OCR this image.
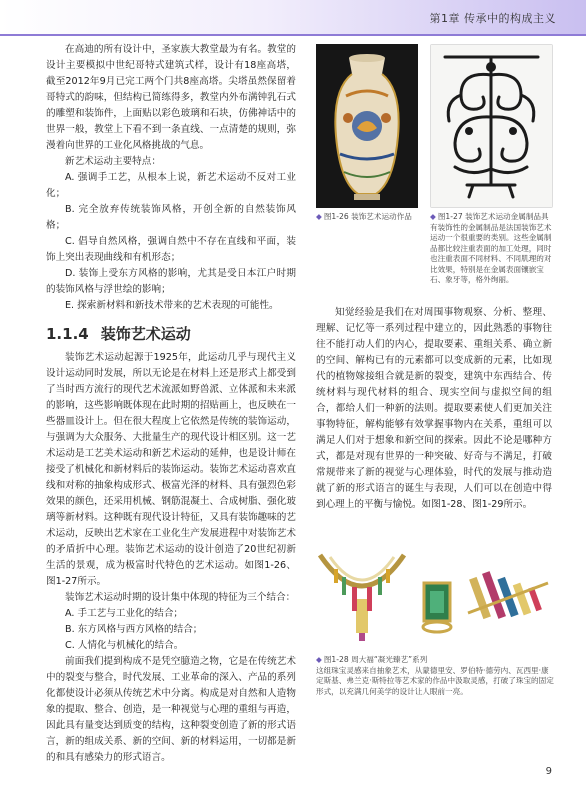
第1章 传承中的构成主义

在高迪的所有设计中，圣家族大教堂最为有名。教堂的设计主要模拟中世纪哥特式建筑式样，设计有18座高塔，截至2012年9月已完工两个门共8座高塔。尖塔虽然保留着哥特式的韵味，但结构已简练得多，教堂内外布满钟乳石式的雕塑和装饰件，上面贴以彩色玻璃和石块，仿佛神话中的世界一般，教堂上下看不到一条直线、一点清楚的规则，弥漫着向世界的工业化风格挑战的气息。

新艺术运动主要特点：

A. 强调手工艺，从根本上说，新艺术运动不反对工业化；

B. 完全放弃传统装饰风格，开创全新的自然装饰风格；

C. 倡导自然风格，强调自然中不存在直线和平面，装饰上突出表现曲线和有机形态；

D. 装饰上受东方风格的影响，尤其是受日本江户时期的装饰风格与浮世绘的影响；

E. 探索新材料和新技术带来的艺术表现的可能性。

1.1.4 装饰艺术运动

装饰艺术运动起源于1925年，此运动几乎与现代主义设计运动同时发展，所以无论是在材料上还是形式上都受到了当时西方流行的现代艺术流派如野兽派、立体派和未来派的影响，这些影响既体现在此时期的招贴画上，也反映在一些器皿设计上。但在很大程度上它依然是传统的装饰运动，与强调为大众服务、大批量生产的现代设计相区别。这一艺术运动是工艺美术运动和新艺术运动的延伸，也是设计师在接受了机械化和新材料后的装饰运动。装饰艺术运动喜欢直线和对称的抽象构成形式、极富光泽的材料、具有强烈色彩效果的颜色，还采用机械、钢筋混凝土、合成树脂、强化玻璃等新材料。这种既有现代设计特征，又具有装饰趣味的艺术运动，反映出艺术家在工业化生产发展进程中对装饰艺术的矛盾折中心理。装饰艺术运动的设计创造了20世纪初新生活的景观，成为极富时代特色的艺术运动。如图1-26、图1-27所示。

装饰艺术运动时期的设计集中体现的特征为三个结合：

A. 手工艺与工业化的结合；

B. 东方风格与西方风格的结合；

C. 人情化与机械化的结合。

前面我们提到构成不是凭空臆造之物，它是在传统艺术中的裂变与整合，时代发展、工业革命的深入、产品的系列化都使设计必须从传统艺术中分离。构成是对自然和人造物象的提取、整合、创造，是一种视觉与心理的重组与再造，因此具有量变达到质变的结构，这种裂变创造了新的形式语言，新的组成关系、新的空间、新的材料运用，一切都是新的和具有感染力的形式语言。

◆ 图1-26 装饰艺术运动作品	◆ 图1-27 装饰艺术运动金属制品具有装饰性的金属制品是法国装饰艺术运动一个很重要的类别。这些金属制品都比较注重表面的加工处理，同时也注重表面不同材料、不同肌理的对比效果，特别是在金属表面镶嵌宝石、象牙等，格外绚丽。

知觉经验是我们在对周围事物观察、分析、整理、理解、记忆等一系列过程中建立的，因此熟悉的事物往往不能打动人们的内心，提取要素、重组关系、确立新的空间、解构已有的元素都可以变成新的元素，比如现代的植物嫁接组合就是新的裂变，建筑中东西结合、传统材料与现代材料的组合、现实空间与虚拟空间的组合，都给人们一种新的法则。提取要素使人们更加关注事物特征，解构能够有效掌握事物内在关系，重组可以满足人们对于想象和新空间的探索。因此不论是哪种方式，都是对现有世界的一种突破、好奇与不满足，打破常规带来了新的视觉与心理体验，时代的发展与推动造就了新的形式语言的诞生与表现，人们可以在创造中得到心理上的平衡与愉悦。如图1-28、图1-29所示。

◆ 图1-28 周大福“凝光臻艺”系列
这组珠宝灵感来自抽象艺术，从蒙德里安、罗伯特·德劳内、瓦西里·康定斯基、弗兰克·斯特拉等艺术家的作品中汲取灵感，打破了珠宝的固定形式，以充满几何美学的设计让人眼前一亮。
9
